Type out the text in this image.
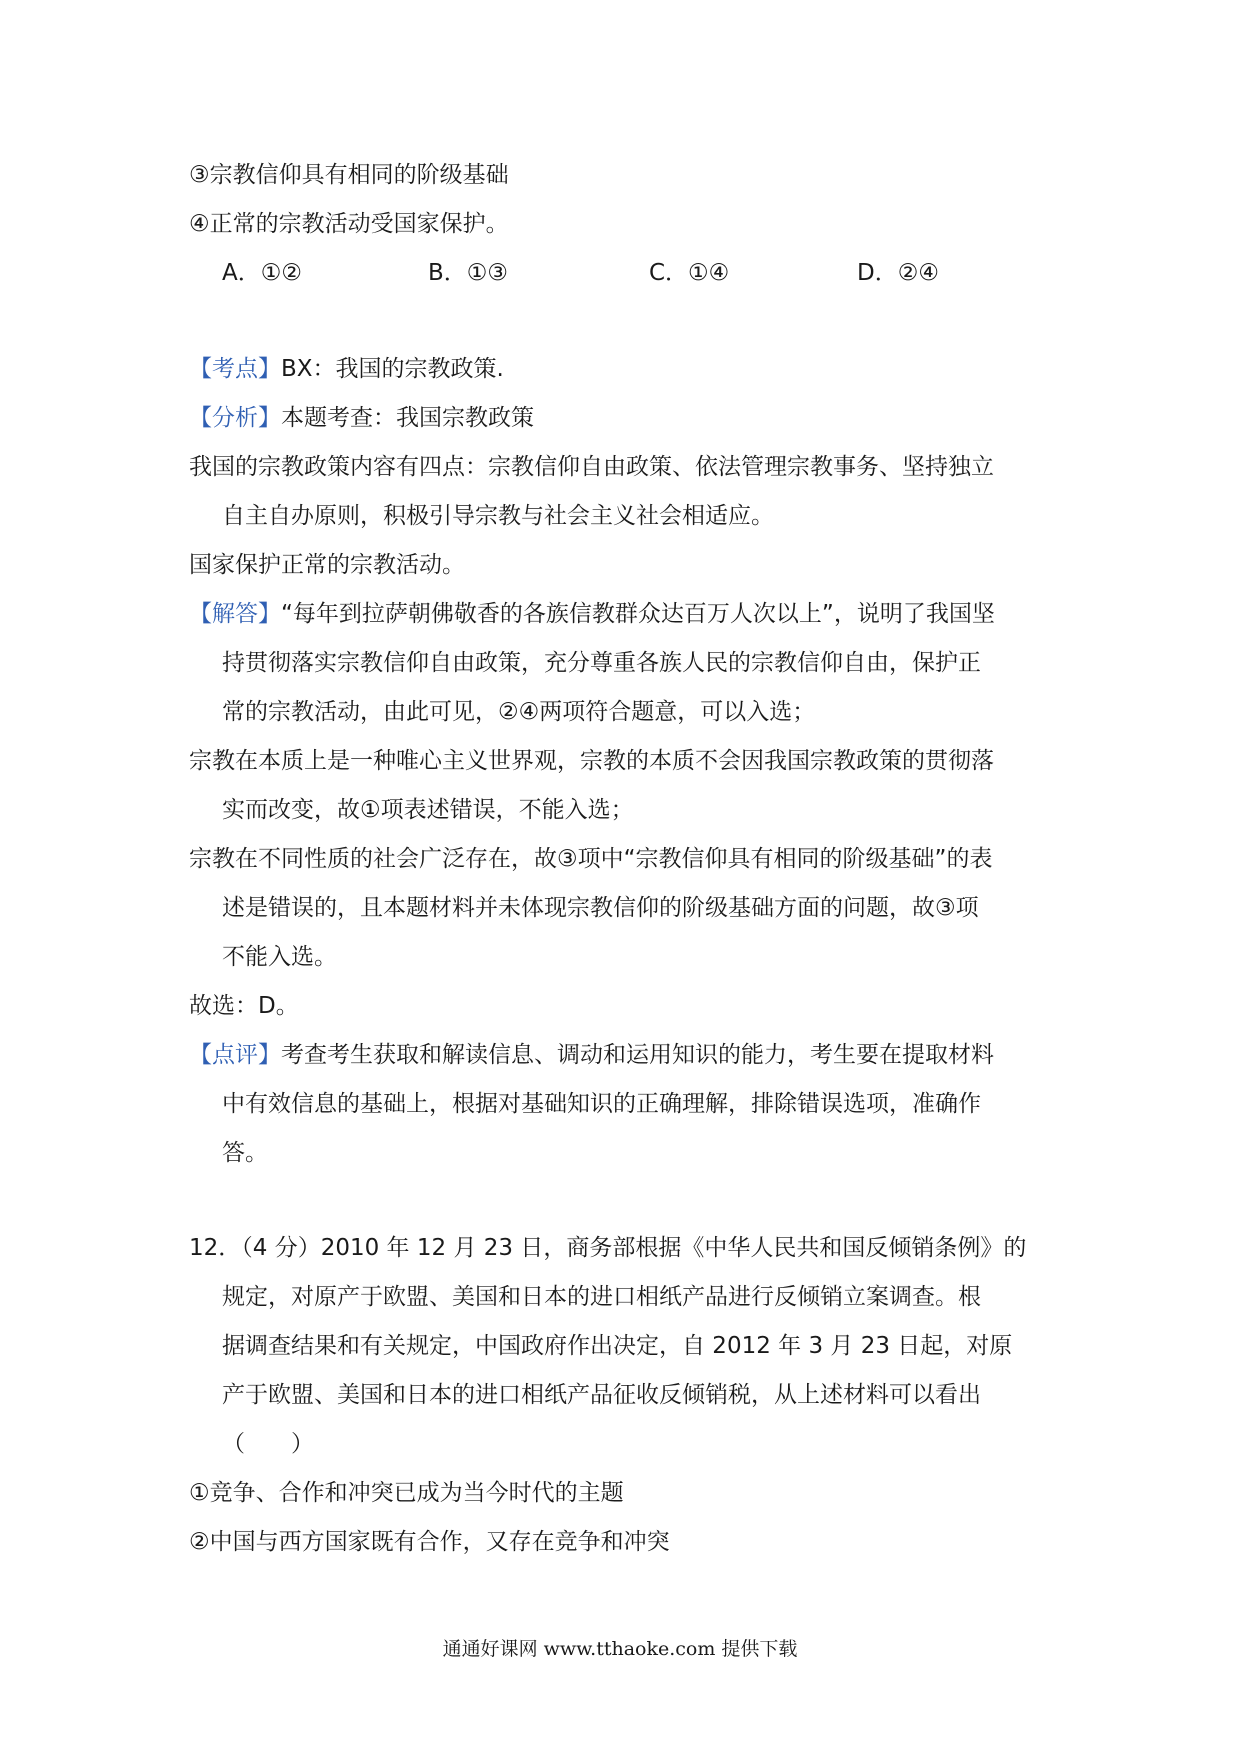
③宗教信仰具有相同的阶级基础
④正常的宗教活动受国家保护。
A．①②	B．①③	C．①④	D．②④
【考点】BX：我国的宗教政策.
【分析】本题考查：我国宗教政策
我国的宗教政策内容有四点：宗教信仰自由政策、依法管理宗教事务、坚持独立
自主自办原则，积极引导宗教与社会主义社会相适应。
国家保护正常的宗教活动。
【解答】“每年到拉萨朝佛敬香的各族信教群众达百万人次以上”，说明了我国坚
持贯彻落实宗教信仰自由政策，充分尊重各族人民的宗教信仰自由，保护正
常的宗教活动，由此可见，②④两项符合题意，可以入选；
宗教在本质上是一种唯心主义世界观，宗教的本质不会因我国宗教政策的贯彻落
实而改变，故①项表述错误，不能入选；
宗教在不同性质的社会广泛存在，故③项中“宗教信仰具有相同的阶级基础”的表
述是错误的，且本题材料并未体现宗教信仰的阶级基础方面的问题，故③项
不能入选。
故选：D。
【点评】考查考生获取和解读信息、调动和运用知识的能力，考生要在提取材料
中有效信息的基础上，根据对基础知识的正确理解，排除错误选项，准确作
答。
12．（4 分）2010 年 12 月 23 日，商务部根据《中华人民共和国反倾销条例》的
规定，对原产于欧盟、美国和日本的进口相纸产品进行反倾销立案调查。根
据调查结果和有关规定，中国政府作出决定，自 2012 年 3 月 23 日起，对原
产于欧盟、美国和日本的进口相纸产品征收反倾销税，从上述材料可以看出
（　　）
①竞争、合作和冲突已成为当今时代的主题
②中国与西方国家既有合作，又存在竞争和冲突
通通好课网 www.tthaoke.com 提供下载
